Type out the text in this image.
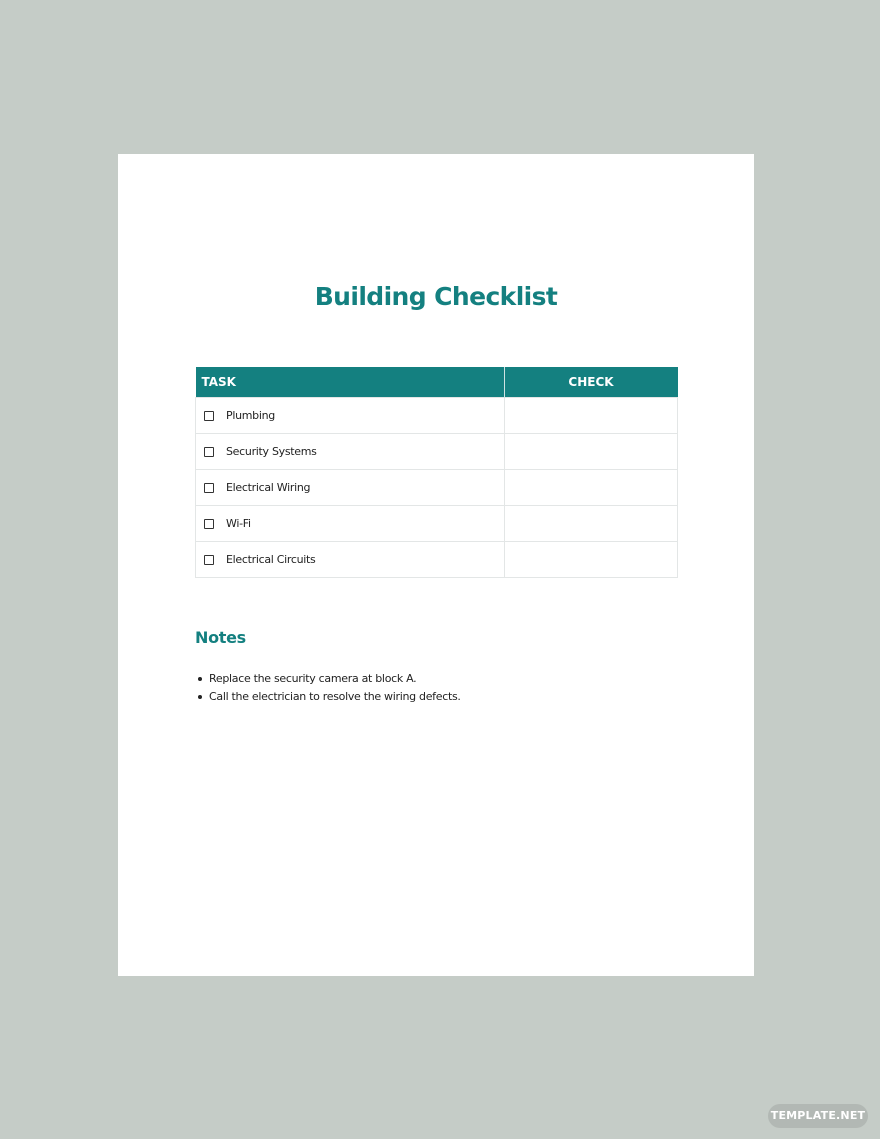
Building Checklist
TASK	CHECK

Plumbing	

Security Systems	

Electrical Wiring	

Wi-Fi	

Electrical Circuits	

Notes
Replace the security camera at block A.
Call the electrician to resolve the wiring defects.
TEMPLATE.NET
